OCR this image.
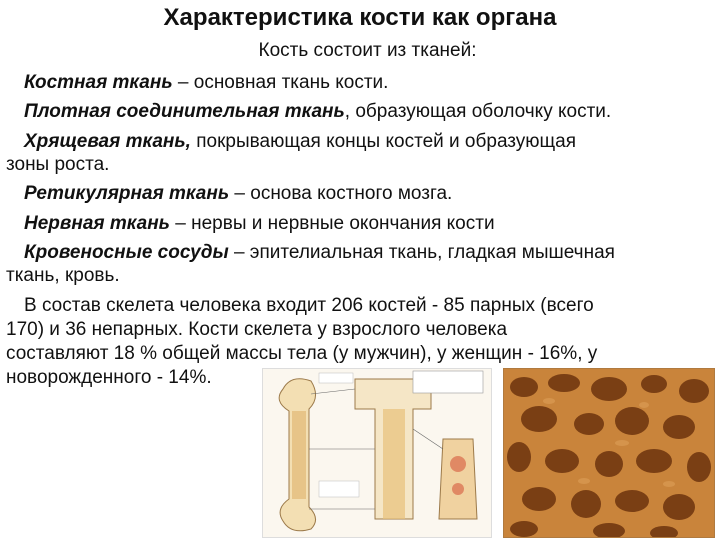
Характеристика кости как органа
Кость состоит из тканей:
Костная ткань – основная ткань кости.
Плотная соединительная ткань, образующая оболочку кости.
Хрящевая ткань, покрывающая концы костей и образующая
зоны роста.
Ретикулярная ткань – основа костного мозга.
Нервная ткань – нервы и нервные окончания кости
Кровеносные сосуды – эпителиальная ткань, гладкая мышечная
ткань, кровь.
В состав скелета человека входит 206 костей - 85 парных (всего
170) и 36 непарных. Кости скелета у взрослого человека
составляют 18 % общей массы тела (у мужчин), у женщин - 16%, у
новорожденного - 14%.
